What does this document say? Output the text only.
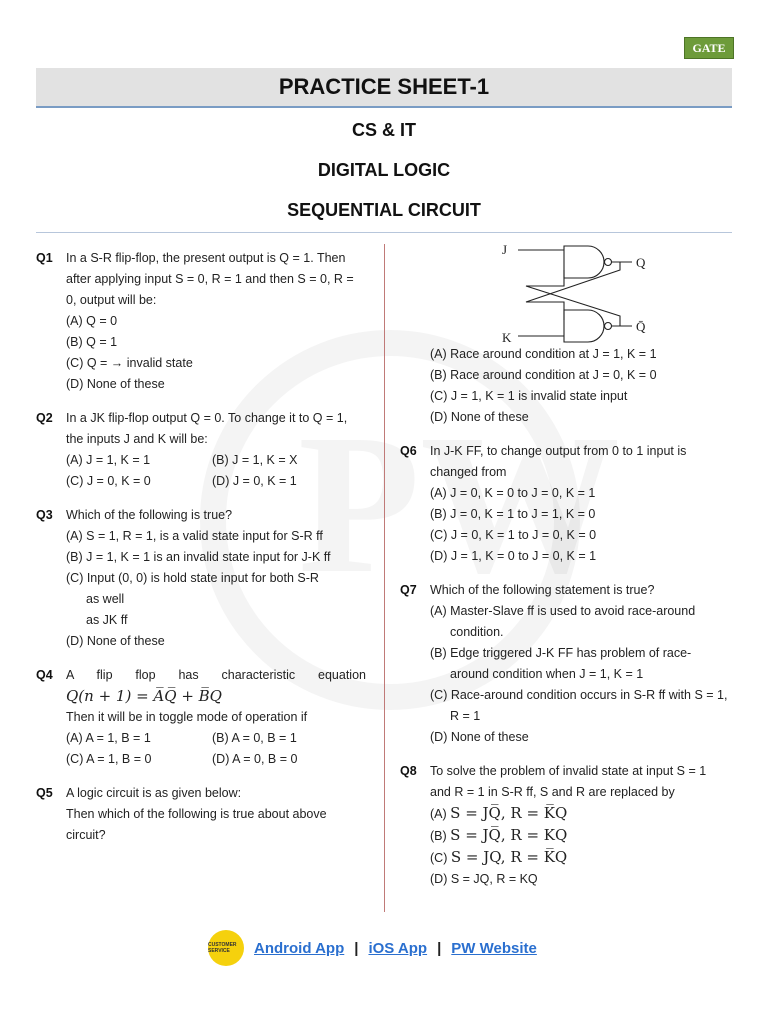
GATE
PRACTICE SHEET-1
CS & IT
DIGITAL LOGIC
SEQUENTIAL CIRCUIT
Q1 In a S-R flip-flop, the present output is Q = 1. Then after applying input S = 0, R = 1 and then S = 0, R = 0, output will be:
(A) Q = 0
(B) Q = 1
(C) Q = → invalid state
(D) None of these
Q2 In a JK flip-flop output Q = 0. To change it to Q = 1, the inputs J and K will be:
(A) J = 1, K = 1	(B) J = 1, K = X
(C) J = 0, K = 0	(D) J = 0, K = 1
Q3 Which of the following is true?
(A) S = 1, R = 1, is a valid state input for S-R ff
(B) J = 1, K = 1 is an invalid state input for J-K ff
(C) Input (0, 0) is hold state input for both S-R
as well
as JK ff
(D) None of these
Q4 A flip flop has characteristic equation
Q(n + 1) = A̅Q̅ + B̅Q
Then it will be in toggle mode of operation if
(A) A = 1, B = 1	(B) A = 0, B = 1
(C) A = 1, B = 0	(D) A = 0, B = 0
Q5 A logic circuit is as given below:
Then which of the following is true about above circuit?
J
K
Q
Q̄
(A) Race around condition at J = 1, K = 1
(B) Race around condition at J = 0, K = 0
(C) J = 1, K = 1 is invalid state input
(D) None of these
Q6 In J-K FF, to change output from 0 to 1 input is changed from
(A) J = 0, K = 0 to J = 0, K = 1
(B) J = 0, K = 1 to J = 1, K = 0
(C) J = 0, K = 1 to J = 0, K = 0
(D) J = 1, K = 0 to J = 0, K = 1
Q7 Which of the following statement is true?
(A) Master-Slave ff is used to avoid race-around condition.
(B) Edge triggered J-K FF has problem of race-around condition when J = 1, K = 1
(C) Race-around condition occurs in S-R ff with S = 1, R = 1
(D) None of these
Q8 To solve the problem of invalid state at input S = 1 and R = 1 in S-R ff, S and R are replaced by
(A) S = JQ̅, R = K̅Q
(B) S = JQ̅, R = KQ
(C) S = JQ, R = K̅Q
(D) S = JQ, R = KQ
CUSTOMER SERVICE	Android App | iOS App | PW Website
